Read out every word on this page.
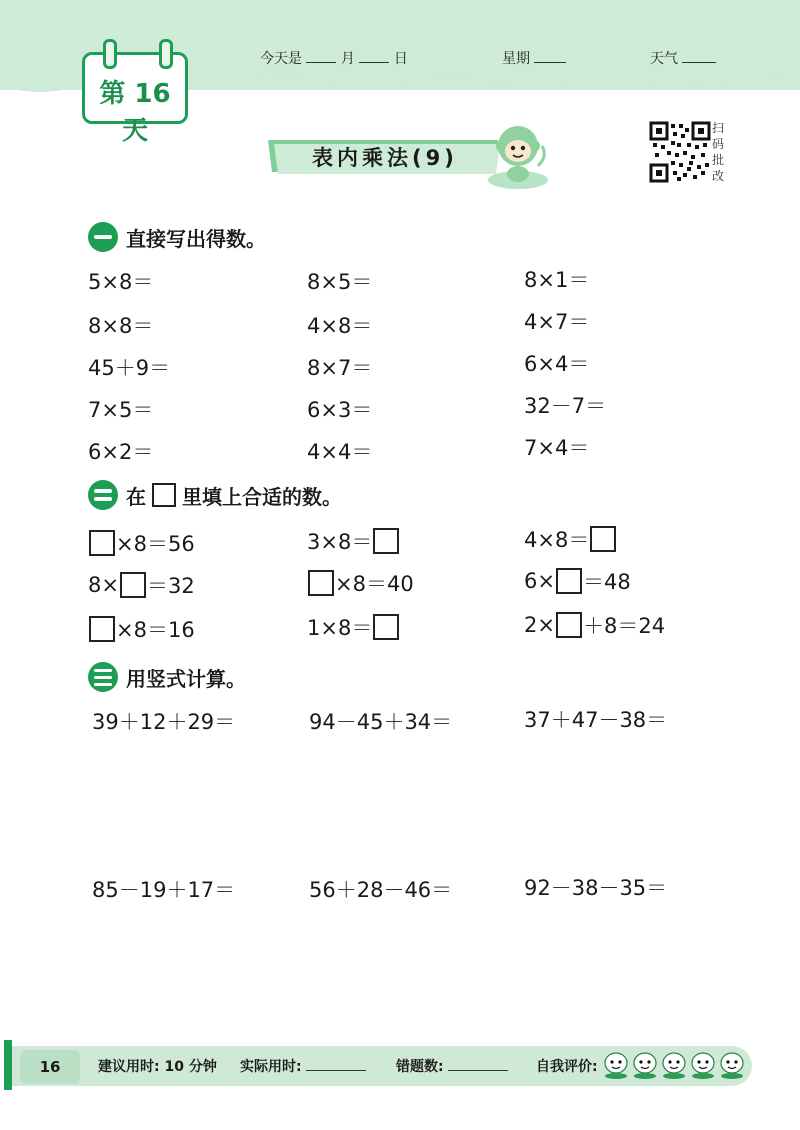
第 16 天
今天是	月	日	星期	天气
表内乘法(9)
扫码批改
直接写出得数。
5×8＝	8×5＝	8×1＝
8×8＝	4×8＝	4×7＝
45＋9＝	8×7＝	6×4＝
7×5＝	6×3＝	32－7＝
6×2＝	4×4＝	7×4＝
在 里填上合适的数。
×8＝56	3×8＝	4×8＝
8× ＝32	×8＝40	6× ＝48
×8＝16	1×8＝	2× ＋8＝24
用竖式计算。
39＋12＋29＝	94－45＋34＝	37＋47－38＝
85－19＋17＝	56＋28－46＝	92－38－35＝
16	建议用时: 10 分钟 实际用时:	错题数:	自我评价:
